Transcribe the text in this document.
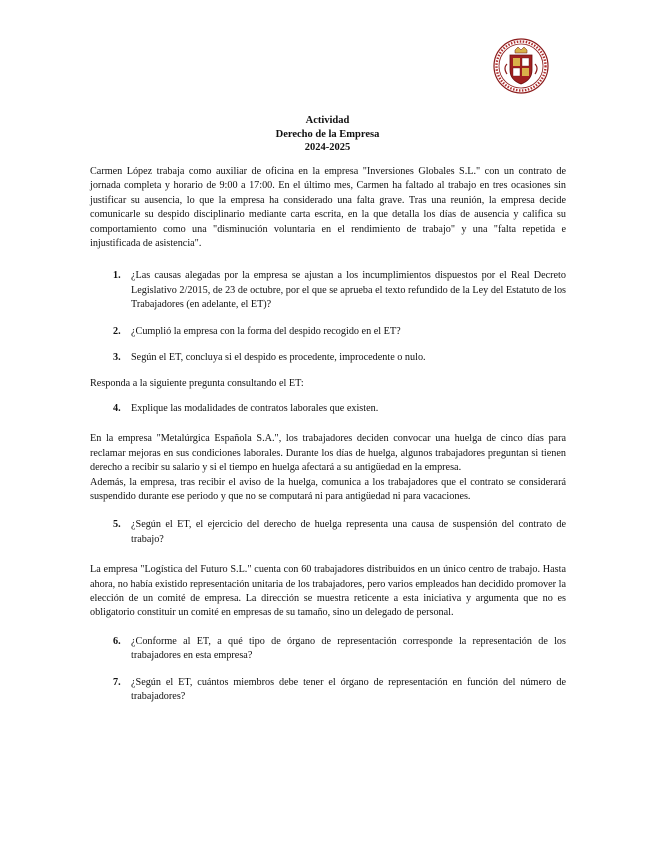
Actividad
Derecho de la Empresa
2024-2025

Carmen López trabaja como auxiliar de oficina en la empresa "Inversiones Globales S.L." con un contrato de jornada completa y horario de 9:00 a 17:00. En el último mes, Carmen ha faltado al trabajo en tres ocasiones sin justificar su ausencia, lo que la empresa ha considerado una falta grave. Tras una reunión, la empresa decide comunicarle su despido disciplinario mediante carta escrita, en la que detalla los días de ausencia y califica su comportamiento como una "disminución voluntaria en el rendimiento de trabajo" y una "falta repetida e injustificada de asistencia".

1. ¿Las causas alegadas por la empresa se ajustan a los incumplimientos dispuestos por el Real Decreto Legislativo 2/2015, de 23 de octubre, por el que se aprueba el texto refundido de la Ley del Estatuto de los Trabajadores (en adelante, el ET)?
2. ¿Cumplió la empresa con la forma del despido recogido en el ET?
3. Según el ET, concluya si el despido es procedente, improcedente o nulo.

Responda a la siguiente pregunta consultando el ET:

4. Explique las modalidades de contratos laborales que existen.

En la empresa "Metalúrgica Española S.A.", los trabajadores deciden convocar una huelga de cinco días para reclamar mejoras en sus condiciones laborales. Durante los días de huelga, algunos trabajadores preguntan si tienen derecho a recibir su salario y si el tiempo en huelga afectará a su antigüedad en la empresa.

Además, la empresa, tras recibir el aviso de la huelga, comunica a los trabajadores que el contrato se considerará suspendido durante ese periodo y que no se computará ni para antigüedad ni para vacaciones.

5. ¿Según el ET, el ejercicio del derecho de huelga representa una causa de suspensión del contrato de trabajo?

La empresa "Logística del Futuro S.L." cuenta con 60 trabajadores distribuidos en un único centro de trabajo. Hasta ahora, no había existido representación unitaria de los trabajadores, pero varios empleados han decidido promover la elección de un comité de empresa. La dirección se muestra reticente a esta iniciativa y argumenta que no es obligatorio constituir un comité en empresas de su tamaño, sino un delegado de personal.

6. ¿Conforme al ET, a qué tipo de órgano de representación corresponde la representación de los trabajadores en esta empresa?
7. ¿Según el ET, cuántos miembros debe tener el órgano de representación en función del número de trabajadores?
